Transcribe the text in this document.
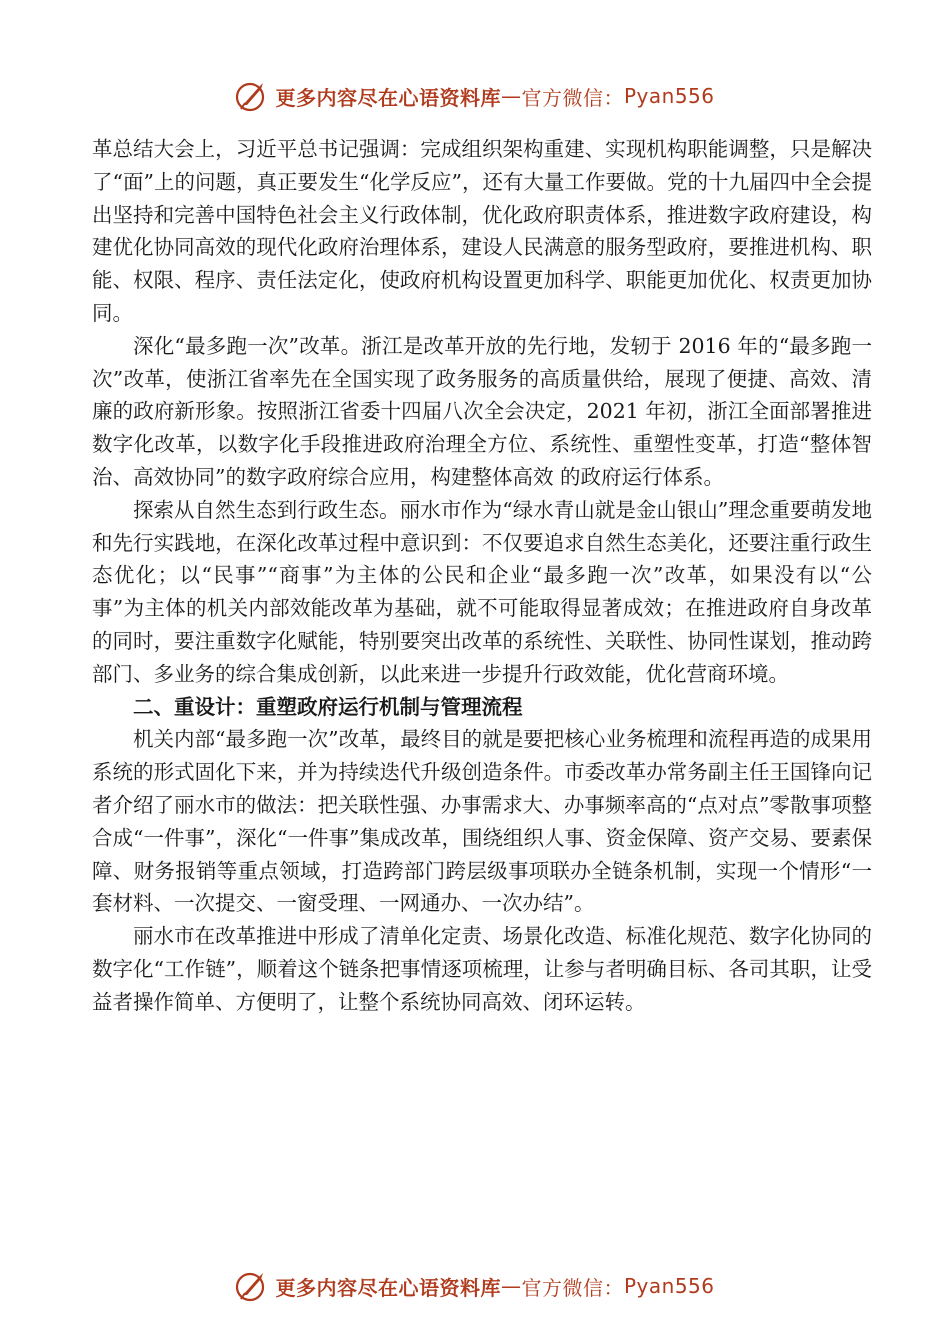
更多内容尽在心语资料库 — 官方微信： Pyan556

革总结大会上，习近平总书记强调：完成组织架构重建、实现机构职能调整，只是解决了“面”上的问题，真正要发生“化学反应”，还有大量工作要做。党的十九届四中全会提出坚持和完善中国特色社会主义行政体制，优化政府职责体系，推进数字政府建设，构建优化协同高效的现代化政府治理体系，建设人民满意的服务型政府，要推进机构、职能、权限、程序、责任法定化，使政府机构设置更加科学、职能更加优化、权责更加协同。

深化“最多跑一次”改革。浙江是改革开放的先行地，发轫于 2016 年的“最多跑一次”改革，使浙江省率先在全国实现了政务服务的高质量供给，展现了便捷、高效、清廉的政府新形象。按照浙江省委十四届八次全会决定，2021 年初，浙江全面部署推进数字化改革，以数字化手段推进政府治理全方位、系统性、重塑性变革，打造“整体智治、高效协同”的数字政府综合应用，构建整体高效 的政府运行体系。

探索从自然生态到行政生态。丽水市作为“绿水青山就是金山银山”理念重要萌发地和先行实践地，在深化改革过程中意识到：不仅要追求自然生态美化，还要注重行政生态优化；以“民事”“商事”为主体的公民和企业“最多跑一次”改革，如果没有以“公事”为主体的机关内部效能改革为基础，就不可能取得显著成效；在推进政府自身改革的同时，要注重数字化赋能，特别要突出改革的系统性、关联性、协同性谋划，推动跨部门、多业务的综合集成创新，以此来进一步提升行政效能，优化营商环境。

二、重设计：重塑政府运行机制与管理流程

机关内部“最多跑一次”改革，最终目的就是要把核心业务梳理和流程再造的成果用系统的形式固化下来，并为持续迭代升级创造条件。市委改革办常务副主任王国锋向记者介绍了丽水市的做法：把关联性强、办事需求大、办事频率高的“点对点”零散事项整合成“一件事”，深化“一件事”集成改革，围绕组织人事、资金保障、资产交易、要素保障、财务报销等重点领域，打造跨部门跨层级事项联办全链条机制，实现一个情形“一套材料、一次提交、一窗受理、一网通办、一次办结”。

丽水市在改革推进中形成了清单化定责、场景化改造、标准化规范、数字化协同的数字化“工作链”，顺着这个链条把事情逐项梳理，让参与者明确目标、各司其职，让受益者操作简单、方便明了，让整个系统协同高效、闭环运转。

更多内容尽在心语资料库 — 官方微信： Pyan556
